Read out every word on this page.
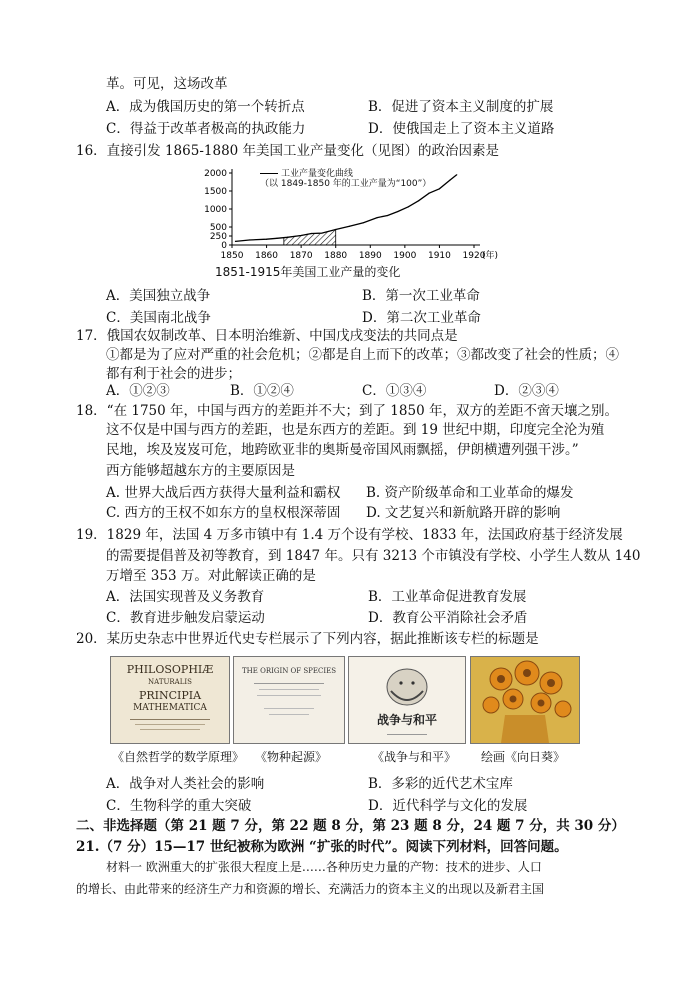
革。可见，这场改革
A．成为俄国历史的第一个转折点	B．促进了资本主义制度的扩展
C．得益于改革者极高的执政能力	D．使俄国走上了资本主义道路
16．直接引发 1865-1880 年美国工业产量变化（见图）的政治因素是
0
250
500
1000
1500
2000
1850 1860 1870 1880 1890 1900 1910 1920
(年)
工业产量变化曲线
（以 1849-1850 年的工业产量为“100”）
1851-1915年美国工业产量的变化
A．美国独立战争	B．第一次工业革命
C．美国南北战争	D．第二次工业革命
17．俄国农奴制改革、日本明治维新、中国戊戌变法的共同点是
①都是为了应对严重的社会危机；②都是自上而下的改革；③都改变了社会的性质；④
都有利于社会的进步；
A．①②③	B．①②④	C．①③④	D．②③④
18．“在 1750 年，中国与西方的差距并不大；到了 1850 年，双方的差距不啻天壤之别。
这不仅是中国与西方的差距，也是东西方的差距。到 19 世纪中期，印度完全沦为殖
民地，埃及岌岌可危，地跨欧亚非的奥斯曼帝国风雨飘摇，伊朗横遭列强干涉。”
西方能够超越东方的主要原因是
A. 世界大战后西方获得大量利益和霸权 B. 资产阶级革命和工业革命的爆发
C. 西方的王权不如东方的皇权根深蒂固 D. 文艺复兴和新航路开辟的影响
19．1829 年，法国 4 万多市镇中有 1.4 万个设有学校、1833 年，法国政府基于经济发展
的需要提倡普及初等教育，到 1847 年。只有 3213 个市镇没有学校、小学生人数从 140
万增至 353 万。对此解读正确的是
A．法国实现普及义务教育	B．工业革命促进教育发展
C．教育进步触发启蒙运动	D．教育公平消除社会矛盾
20．某历史杂志中世界近代史专栏展示了下列内容，据此推断该专栏的标题是
PHILOSOPHIÆ
NATURALIS
PRINCIPIA
MATHEMATICA
THE ORIGIN OF SPECIES
战争与和平
《自然哲学的数学原理》 《物种起源》	《战争与和平》 绘画《向日葵》
A．战争对人类社会的影响	B．多彩的近代艺术宝库
C．生物科学的重大突破	D．近代科学与文化的发展
二、非选择题（第 21 题 7 分，第 22 题 8 分，第 23 题 8 分，24 题 7 分，共 30 分）
21.（7 分）15—17 世纪被称为欧洲 “扩张的时代”。阅读下列材料，回答问题。
材料一 欧洲重大的扩张很大程度上是……各种历史力量的产物：技术的进步、人口
的增长、由此带来的经济生产力和资源的增长、充满活力的资本主义的出现以及新君主国
